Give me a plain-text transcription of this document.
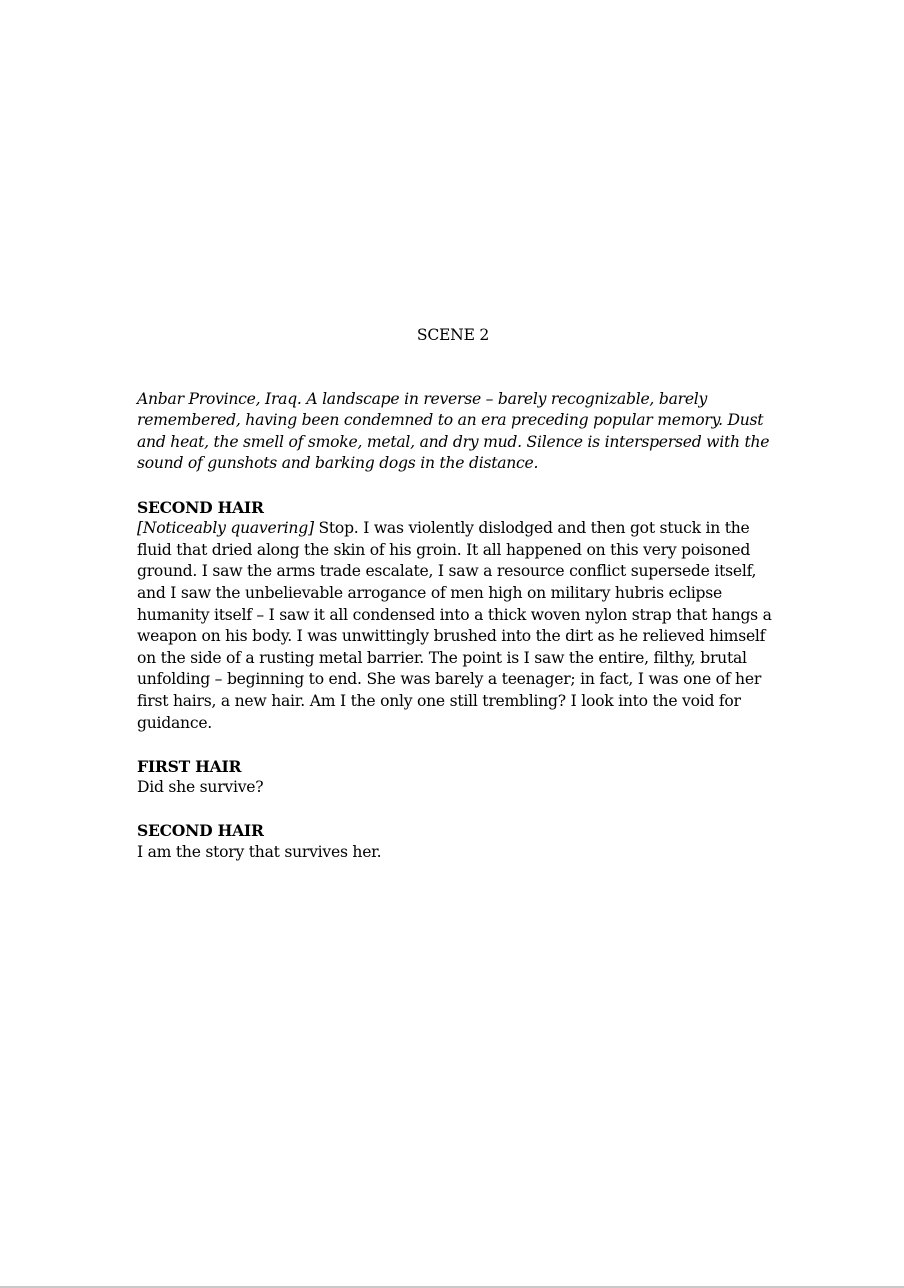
SCENE 2

Anbar Province, Iraq. A landscape in reverse – barely recognizable, barely remembered, having been condemned to an era preceding popular memory. Dust and heat, the smell of smoke, metal, and dry mud. Silence is interspersed with the sound of gunshots and barking dogs in the distance.

SECOND HAIR

[Noticeably quavering] Stop. I was violently dislodged and then got stuck in the fluid that dried along the skin of his groin. It all happened on this very poisoned ground. I saw the arms trade escalate, I saw a resource conflict supersede itself, and I saw the unbelievable arrogance of men high on military hubris eclipse humanity itself – I saw it all condensed into a thick woven nylon strap that hangs a weapon on his body. I was unwittingly brushed into the dirt as he relieved himself on the side of a rusting metal barrier. The point is I saw the entire, filthy, brutal unfolding – beginning to end. She was barely a teenager; in fact, I was one of her first hairs, a new hair. Am I the only one still trembling? I look into the void for guidance.

FIRST HAIR

Did she survive?

SECOND HAIR

I am the story that survives her.
